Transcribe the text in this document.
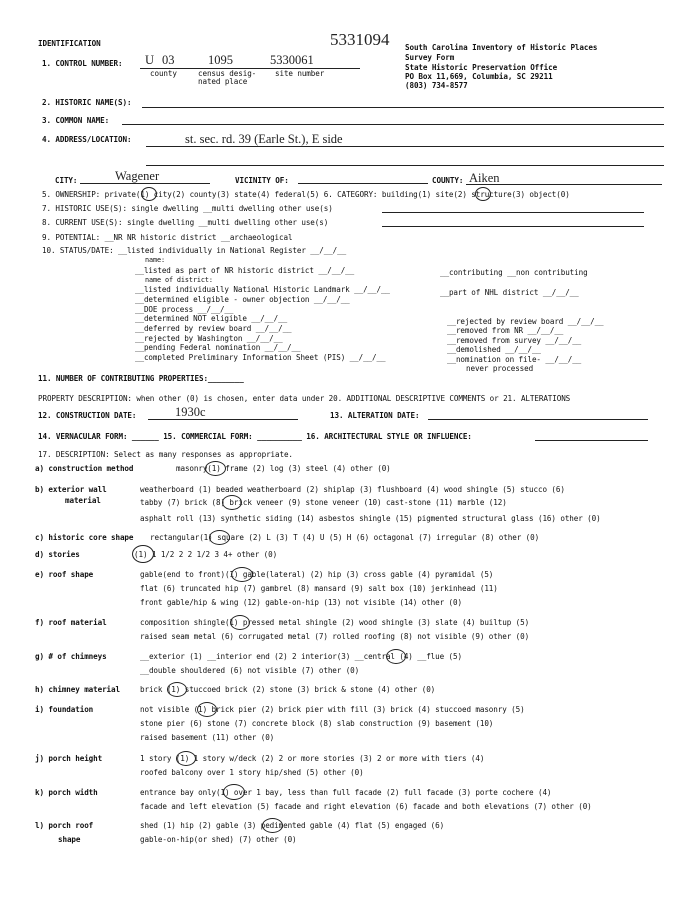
5331094
IDENTIFICATION	South Carolina Inventory of Historic Places
Survey Form
State Historic Preservation Office
PO Box 11,669, Columbia, SC 29211
(803) 734-8577
1. CONTROL NUMBER: U 03	1095	5330061
county	census desig-
nated place
site number
2. HISTORIC NAME(S):
3. COMMON NAME:
4. ADDRESS/LOCATION:	st. sec. rd. 39 (Earle St.), E side
CITY:	Wagener	VICINITY OF:	COUNTY: Aiken
5. OWNERSHIP: private(1) city(2) county(3) state(4) federal(5) 6. CATEGORY: building(1) site(2) structure(3) object(0)
7. HISTORIC USE(S): single dwelling __multi dwelling other use(s)
8. CURRENT USE(S): single dwelling __multi dwelling other use(s)
9. POTENTIAL: __NR NR historic district __archaeological
10. STATUS/DATE: __listed individually in National Register __/__/__
name:
__listed as part of NR historic district __/__/__
name of district:
__listed individually National Historic Landmark __/__/__
__determined eligible - owner objection __/__/__
__DOE process __/__/__
__determined NOT eligible __/__/__
__deferred by review board __/__/__
__rejected by Washington __/__/__
__pending Federal nomination __/__/__
__completed Preliminary Information Sheet (PIS) __/__/__
__contributing __non contributing
__part of NHL district __/__/__
__rejected by review board __/__/__
__removed from NR __/__/__
__removed from survey __/__/__
__demolished __/__/__
__nomination on file- __/__/__
never processed
11. NUMBER OF CONTRIBUTING PROPERTIES:________
PROPERTY DESCRIPTION: when other (0) is chosen, enter data under 20. ADDITIONAL DESCRIPTIVE COMMENTS or 21. ALTERATIONS
12. CONSTRUCTION DATE:	1930c	13. ALTERATION DATE:
14. VERNACULAR FORM: ______ 15. COMMERCIAL FORM: __________ 16. ARCHITECTURAL STYLE OR INFLUENCE:
17. DESCRIPTION: Select as many responses as appropriate.
a) construction method	masonry(1) frame (2) log (3) steel (4) other (0)
b) exterior wall
material
weatherboard (1) beaded weatherboard (2) shiplap (3) flushboard (4) wood shingle (5) stucco (6)
tabby (7) brick (8) brick veneer (9) stone veneer (10) cast-stone (11) marble (12)
asphalt roll (13) synthetic siding (14) asbestos shingle (15) pigmented structural glass (16) other (0)
c) historic core shape rectangular(1) square (2) L (3) T (4) U (5) H (6) octagonal (7) irregular (8) other (0)
d) stories	(1) 1 1/2 2 2 1/2 3 4+ other (0)
e) roof shape	gable(end to front)(1) gable(lateral) (2) hip (3) cross gable (4) pyramidal (5)
flat (6) truncated hip (7) gambrel (8) mansard (9) salt box (10) jerkinhead (11)
front gable/hip & wing (12) gable-on-hip (13) not visible (14) other (0)
f) roof material	composition shingle(1) pressed metal shingle (2) wood shingle (3) slate (4) builtup (5)
raised seam metal (6) corrugated metal (7) rolled roofing (8) not visible (9) other (0)
g) # of chimneys	__exterior (1) __interior end (2) 2 interior(3) __central (4) __flue (5)
__double shouldered (6) not visible (7) other (0)
h) chimney material	brick (1) stuccoed brick (2) stone (3) brick & stone (4) other (0)
i) foundation	not visible (1) brick pier (2) brick pier with fill (3) brick (4) stuccoed masonry (5)
stone pier (6) stone (7) concrete block (8) slab construction (9) basement (10)
raised basement (11) other (0)
j) porch height	1 story (1) 1 story w/deck (2) 2 or more stories (3) 2 or more with tiers (4)
roofed balcony over 1 story hip/shed (5) other (0)
k) porch width	entrance bay only(1) over 1 bay, less than full facade (2) full facade (3) porte cochere (4)
facade and left elevation (5) facade and right elevation (6) facade and both elevations (7) other (0)
l) porch roof
shape
shed (1) hip (2) gable (3) pedimented gable (4) flat (5) engaged (6)
gable-on-hip(or shed) (7) other (0)
